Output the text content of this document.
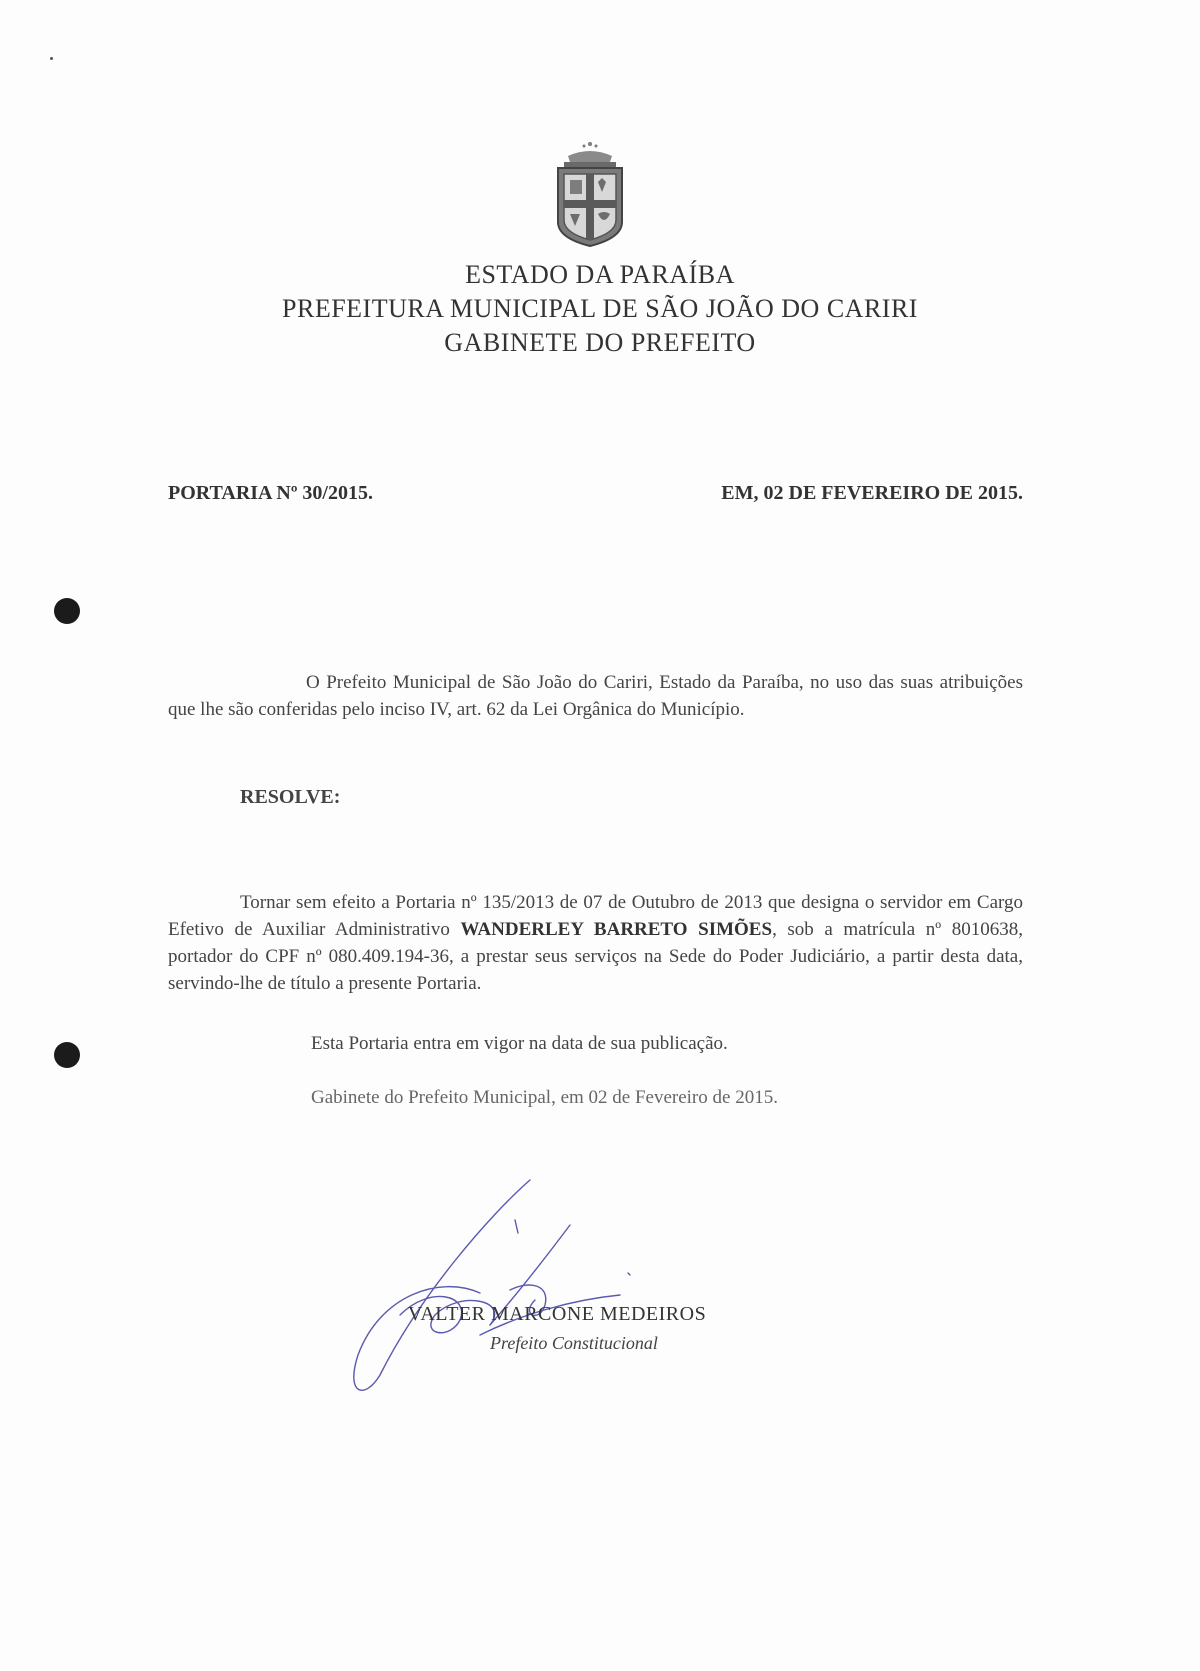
ESTADO DA PARAÍBA
PREFEITURA MUNICIPAL DE SÃO JOÃO DO CARIRI
GABINETE DO PREFEITO
PORTARIA Nº 30/2015.	EM, 02 DE FEVEREIRO DE 2015.

O Prefeito Municipal de São João do Cariri, Estado da Paraíba, no uso das suas atribuições que lhe são conferidas pelo inciso IV, art. 62 da Lei Orgânica do Município.

RESOLVE:

Tornar sem efeito a Portaria nº 135/2013 de 07 de Outubro de 2013 que designa o servidor em Cargo Efetivo de Auxiliar Administrativo WANDERLEY BARRETO SIMÕES, sob a matrícula nº 8010638, portador do CPF nº 080.409.194-36, a prestar seus serviços na Sede do Poder Judiciário, a partir desta data, servindo-lhe de título a presente Portaria.

Esta Portaria entra em vigor na data de sua publicação.
Gabinete do Prefeito Municipal, em 02 de Fevereiro de 2015.
VALTER MARCONE MEDEIROS
Prefeito Constitucional
